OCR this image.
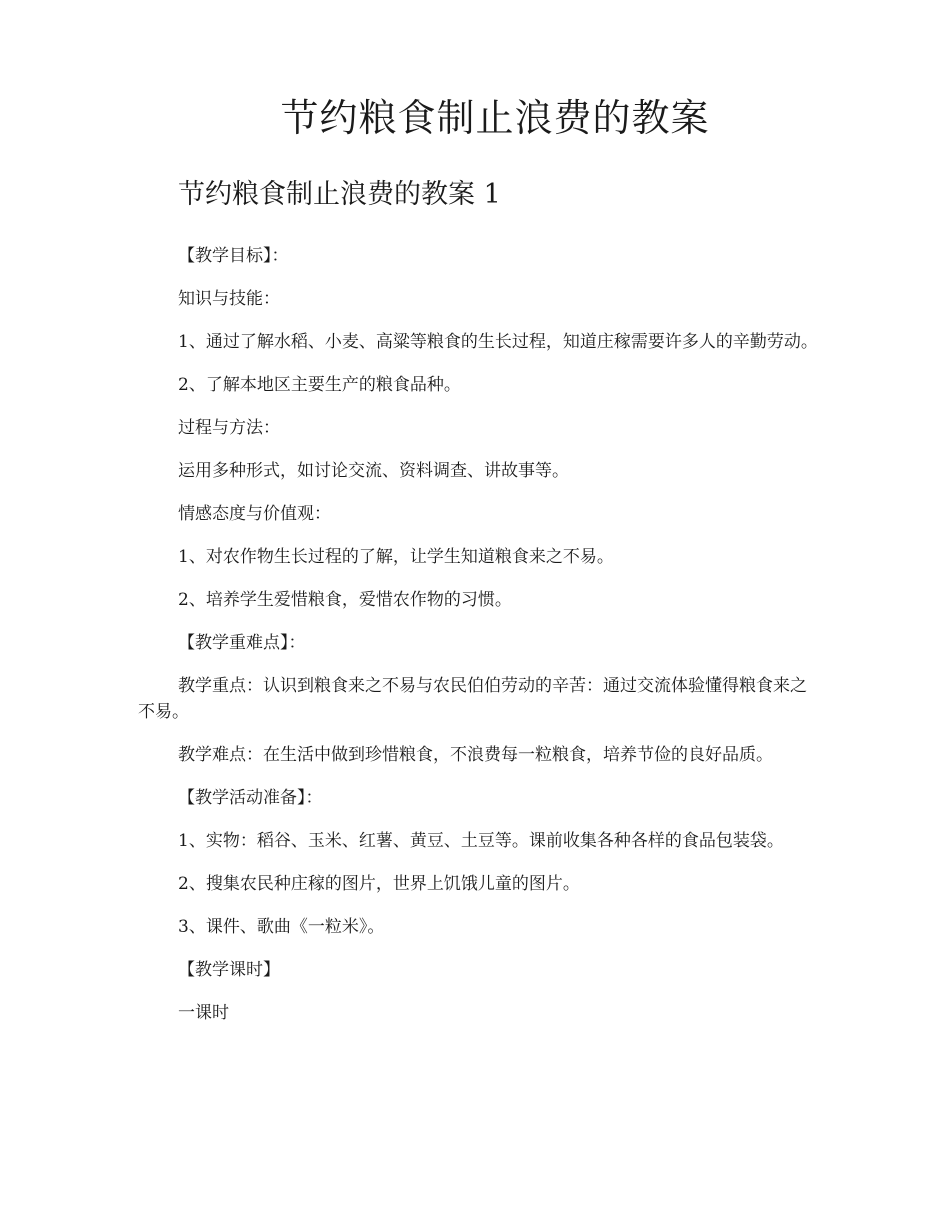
节约粮食制止浪费的教案
节约粮食制止浪费的教案 1

【教学目标】：

知识与技能：

1、通过了解水稻、小麦、高粱等粮食的生长过程，知道庄稼需要许多人的辛勤劳动。

2、了解本地区主要生产的粮食品种。

过程与方法：

运用多种形式，如讨论交流、资料调查、讲故事等。

情感态度与价值观：

1、对农作物生长过程的了解，让学生知道粮食来之不易。

2、培养学生爱惜粮食，爱惜农作物的习惯。

【教学重难点】：

教学重点：认识到粮食来之不易与农民伯伯劳动的辛苦：通过交流体验懂得粮食来之不易。

教学难点：在生活中做到珍惜粮食，不浪费每一粒粮食，培养节俭的良好品质。

【教学活动准备】：

1、实物：稻谷、玉米、红薯、黄豆、土豆等。课前收集各种各样的食品包装袋。

2、搜集农民种庄稼的图片，世界上饥饿儿童的图片。

3、课件、歌曲《一粒米》。

【教学课时】

一课时
